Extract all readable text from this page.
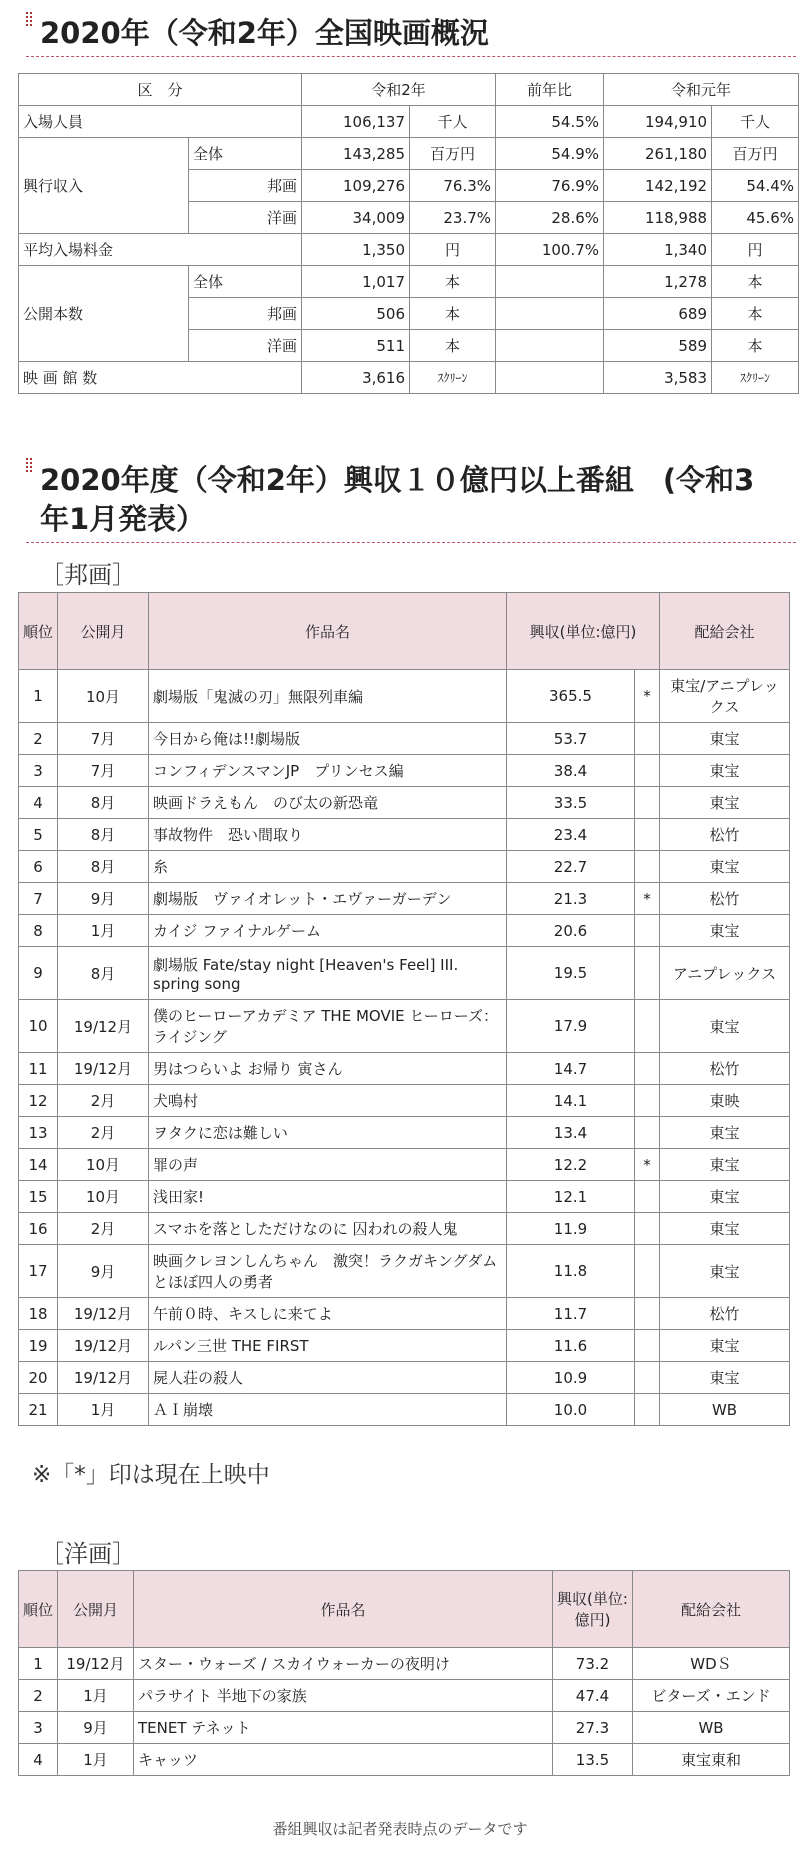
2020年（令和2年）全国映画概況
区　分		令和2年		前年比	令和元年	
入場人員		106,137	千人	54.5%	194,910	千人
興行収入	全体	143,285	百万円	54.9%	261,180	百万円
	邦画	109,276	76.3%	76.9%	142,192	54.4%
	洋画	34,009	23.7%	28.6%	118,988	45.6%
平均入場料金		1,350	円	100.7%	1,340	円
公開本数	全体	1,017	本		1,278	本
	邦画	506	本		689	本
	洋画	511	本		589	本
映 画 館 数		3,616	ｽｸﾘｰﾝ		3,583	ｽｸﾘｰﾝ
2020年度（令和2年）興収１０億円以上番組　(令和3
年1月発表）
［邦画］
順位	公開月	作品名	興収(単位:億円)		配給会社
1	10月	劇場版「鬼滅の刃」無限列車編	365.5	*	東宝/アニプレックス
2	7月	今日から俺は!!劇場版	53.7		東宝
3	7月	コンフィデンスマンJP　プリンセス編	38.4		東宝
4	8月	映画ドラえもん　のび太の新恐竜	33.5		東宝
5	8月	事故物件　恐い間取り	23.4		松竹
6	8月	糸	22.7		東宝
7	9月	劇場版　ヴァイオレット・エヴァーガーデン	21.3	*	松竹
8	1月	カイジ ファイナルゲーム	20.6		東宝
9	8月	劇場版 Fate/stay night [Heaven's Feel] III. spring song	19.5		アニプレックス
10	19/12月	僕のヒーローアカデミア THE MOVIE ヒーローズ：ライジング	17.9		東宝
11	19/12月	男はつらいよ お帰り 寅さん	14.7		松竹
12	2月	犬鳴村	14.1		東映
13	2月	ヲタクに恋は難しい	13.4		東宝
14	10月	罪の声	12.2	*	東宝
15	10月	浅田家!	12.1		東宝
16	2月	スマホを落としただけなのに 囚われの殺人鬼	11.9		東宝
17	9月	映画クレヨンしんちゃん　激突！ラクガキングダムとほぼ四人の勇者	11.8		東宝
18	19/12月	午前０時、キスしに来てよ	11.7		松竹
19	19/12月	ルパン三世 THE FIRST	11.6		東宝
20	19/12月	屍人荘の殺人	10.9		東宝
21	1月	ＡＩ崩壊	10.0		WB
※「*」印は現在上映中
［洋画］
順位	公開月	作品名	興収(単位:億円)	配給会社
1	19/12月	スター・ウォーズ / スカイウォーカーの夜明け	73.2	WDＳ
2	1月	パラサイト 半地下の家族	47.4	ビターズ・エンド
3	9月	TENET テネット	27.3	WB
4	1月	キャッツ	13.5	東宝東和
番組興収は記者発表時点のデータです
